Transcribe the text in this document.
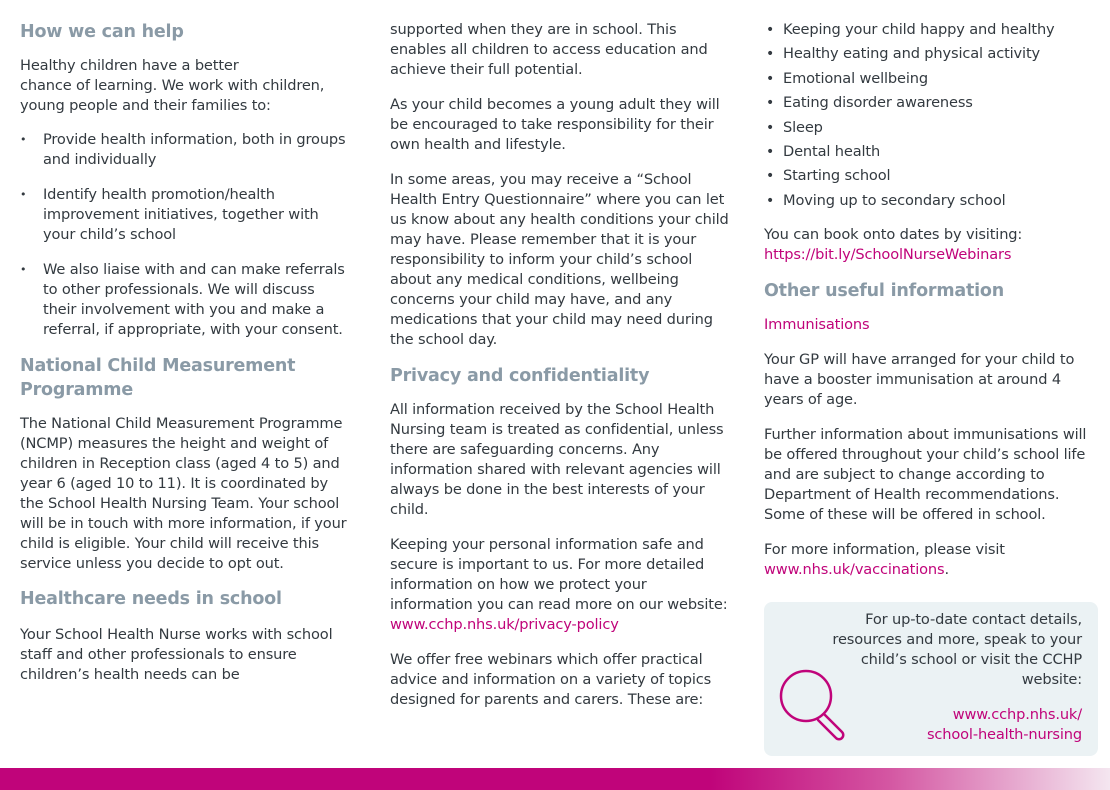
How we can help

Healthy children have a better
chance of learning. We work with children, young people and their families to:

• Provide health information, both in groups and individually
• Identify health promotion/health improvement initiatives, together with your child’s school
• We also liaise with and can make referrals to other professionals. We will discuss their involvement with you and make a referral, if appropriate, with your consent.
National Child Measurement Programme

The National Child Measurement Programme (NCMP) measures the height and weight of children in Reception class (aged 4 to 5) and year 6 (aged 10 to 11). It is coordinated by the School Health Nursing Team. Your school will be in touch with more information, if your child is eligible. Your child will receive this service unless you decide to opt out.

Healthcare needs in school

Your School Health Nurse works with school staff and other professionals to ensure children’s health needs can be

supported when they are in school. This enables all children to access education and achieve their full potential.

As your child becomes a young adult they will be encouraged to take responsibility for their own health and lifestyle.

In some areas, you may receive a “School Health Entry Questionnaire” where you can let us know about any health conditions your child may have. Please remember that it is your responsibility to inform your child’s school about any medical conditions, wellbeing concerns your child may have, and any medications that your child may need during the school day.

Privacy and confidentiality

All information received by the School Health Nursing team is treated as confidential, unless there are safeguarding concerns. Any information shared with relevant agencies will always be done in the best interests of your child.

Keeping your personal information safe and secure is important to us. For more detailed information on how we protect your information you can read more on our website: www.cchp.nhs.uk/privacy-policy

We offer free webinars which offer practical advice and information on a variety of topics designed for parents and carers. These are:

• Keeping your child happy and healthy
• Healthy eating and physical activity
• Emotional wellbeing
• Eating disorder awareness
• Sleep
• Dental health
• Starting school
• Moving up to secondary school

You can book onto dates by visiting:
https://bit.ly/SchoolNurseWebinars

Other useful information

Immunisations

Your GP will have arranged for your child to have a booster immunisation at around 4 years of age.

Further information about immunisations will be offered throughout your child’s school life and are subject to change according to Department of Health recommendations. Some of these will be offered in school.

For more information, please visit
www.nhs.uk/vaccinations.

For up-to-date contact details, resources and more, speak to your child’s school or visit the CCHP website:

www.cchp.nhs.uk/
school-health-nursing
